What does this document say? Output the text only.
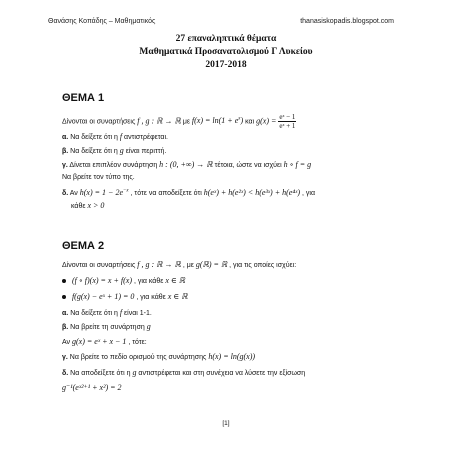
Θανάσης Κοπάδης – Μαθηματικός	thanasiskopadis.blogspot.com
27 επαναληπτικά θέματα
Μαθηματικά Προσανατολισμού Γ Λυκείου
2017-2018
ΘΕΜΑ 1
Δίνονται οι συναρτήσεις f , g : ℝ → ℝ με $f(x) = \ln(1 + e^x)$ και $g(x) = \frac{\text{eˣ − 1}}{\text{eˣ + 1}}$
α. Να δείξετε ότι η f αντιστρέφεται.
β. Να δείξετε ότι η g είναι περιττή.
γ. Δίνεται επιπλέον συνάρτηση h : (0, +∞) → ℝ τέτοια, ώστε να ισχύει h ∘ f = g
Να βρείτε τον τύπο της.
δ. Αν $h(x) = 1 - 2e^{-x}$ , τότε να αποδείξετε ότι h(eˣ) + h(e²ˣ) < h(e³ˣ) + h(e⁴ˣ) , για
κάθε x > 0
ΘΕΜΑ 2
Δίνονται οι συναρτήσεις f , g : ℝ → ℝ , με g(ℝ) = ℝ , για τις οποίες ισχύει:
(f ∘ f)(x) = x + f(x) , για κάθε x ∈ ℝ
f(g(x) − eˣ + 1) = 0 , για κάθε x ∈ ℝ
α. Να δείξετε ότι η f είναι 1-1.
β. Να βρείτε τη συνάρτηση g
Αν g(x) = eˣ + x − 1 , τότε:
γ. Να βρείτε το πεδίο ορισμού της συνάρτησης h(x) = ln(g(x))
δ. Να αποδείξετε ότι η g αντιστρέφεται και στη συνέχεια να λύσετε την εξίσωση
g⁻¹(eˣ²⁺¹ + x²) = 2
[1]
